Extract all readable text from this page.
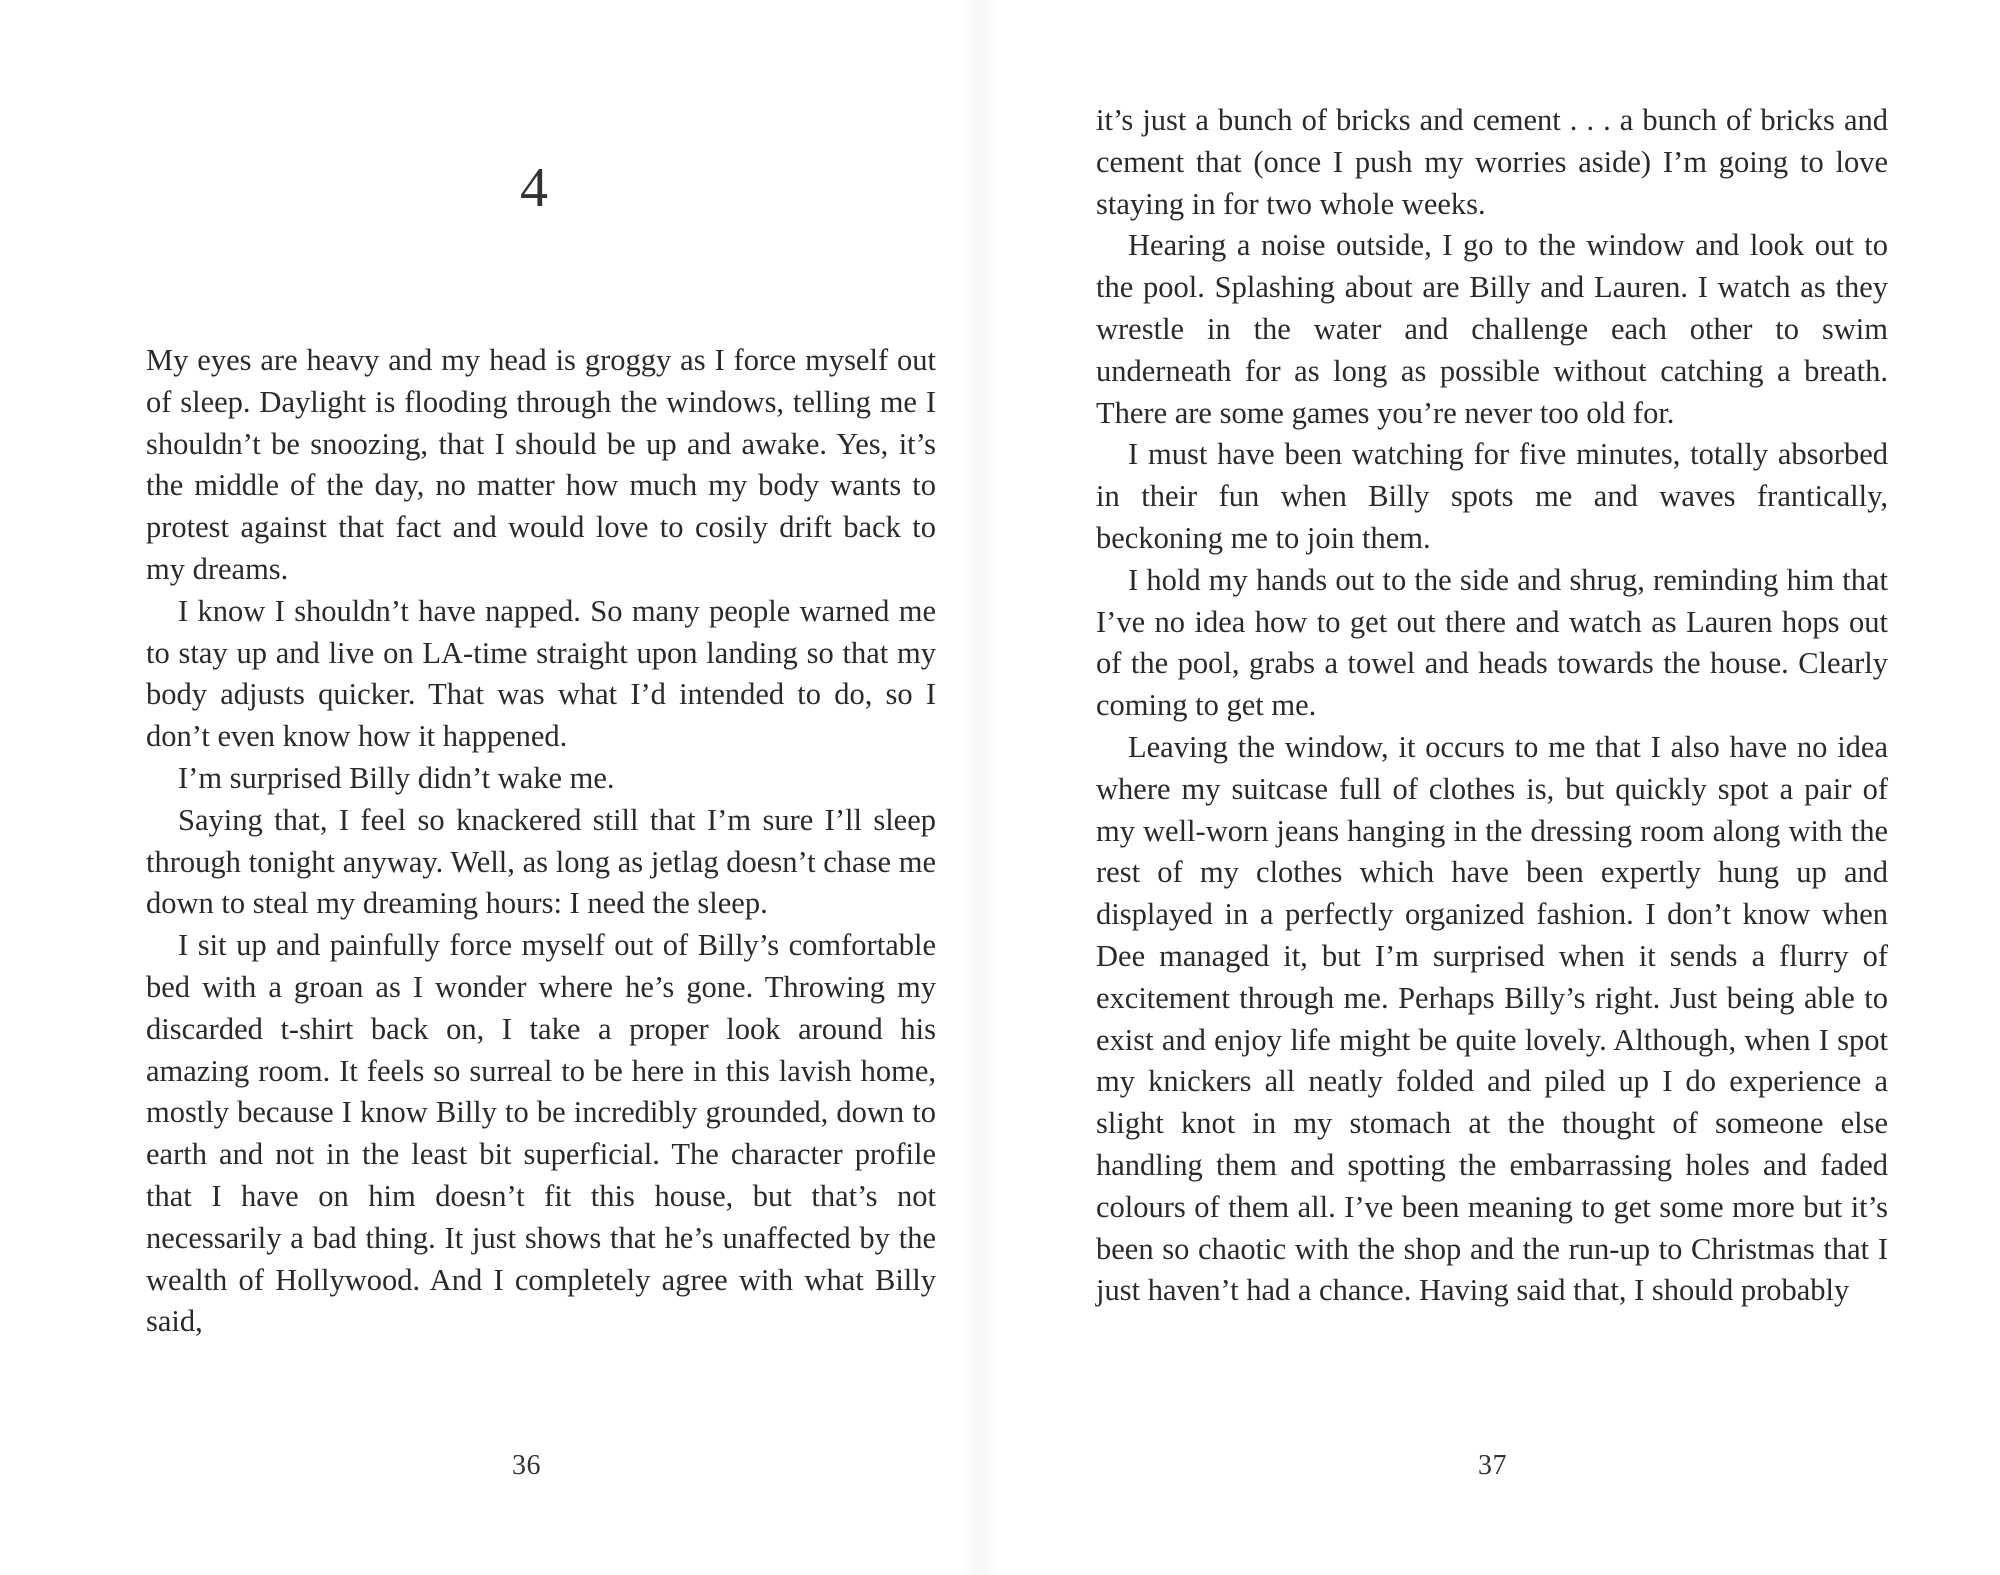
4

My eyes are heavy and my head is groggy as I force myself out of sleep. Daylight is flooding through the windows, telling me I shouldn’t be snoozing, that I should be up and awake. Yes, it’s the middle of the day, no matter how much my body wants to protest against that fact and would love to cosily drift back to my dreams.

I know I shouldn’t have napped. So many people warned me to stay up and live on LA-time straight upon landing so that my body adjusts quicker. That was what I’d intended to do, so I don’t even know how it happened.

I’m surprised Billy didn’t wake me.

Saying that, I feel so knackered still that I’m sure I’ll sleep through tonight anyway. Well, as long as jetlag doesn’t chase me down to steal my dreaming hours: I need the sleep.

I sit up and painfully force myself out of Billy’s comfortable bed with a groan as I wonder where he’s gone. Throwing my discarded t-shirt back on, I take a proper look around his amazing room. It feels so surreal to be here in this lavish home, mostly because I know Billy to be incredibly grounded, down to earth and not in the least bit superficial. The character profile that I have on him doesn’t fit this house, but that’s not necessarily a bad thing. It just shows that he’s unaffected by the wealth of Hollywood. And I completely agree with what Billy said,

36

it’s just a bunch of bricks and cement . . . a bunch of bricks and cement that (once I push my worries aside) I’m going to love staying in for two whole weeks.

Hearing a noise outside, I go to the window and look out to the pool. Splashing about are Billy and Lauren. I watch as they wrestle in the water and challenge each other to swim underneath for as long as possible without catching a breath. There are some games you’re never too old for.

I must have been watching for five minutes, totally absorbed in their fun when Billy spots me and waves frantically, beckoning me to join them.

I hold my hands out to the side and shrug, reminding him that I’ve no idea how to get out there and watch as Lauren hops out of the pool, grabs a towel and heads towards the house. Clearly coming to get me.

Leaving the window, it occurs to me that I also have no idea where my suitcase full of clothes is, but quickly spot a pair of my well-worn jeans hanging in the dressing room along with the rest of my clothes which have been expertly hung up and displayed in a perfectly organized fashion. I don’t know when Dee managed it, but I’m surprised when it sends a flurry of excitement through me. Perhaps Billy’s right. Just being able to exist and enjoy life might be quite lovely. Although, when I spot my knickers all neatly folded and piled up I do experience a slight knot in my stomach at the thought of someone else handling them and spotting the embarrassing holes and faded colours of them all. I’ve been meaning to get some more but it’s been so chaotic with the shop and the run-up to Christmas that I just haven’t had a chance. Having said that, I should probably

37
